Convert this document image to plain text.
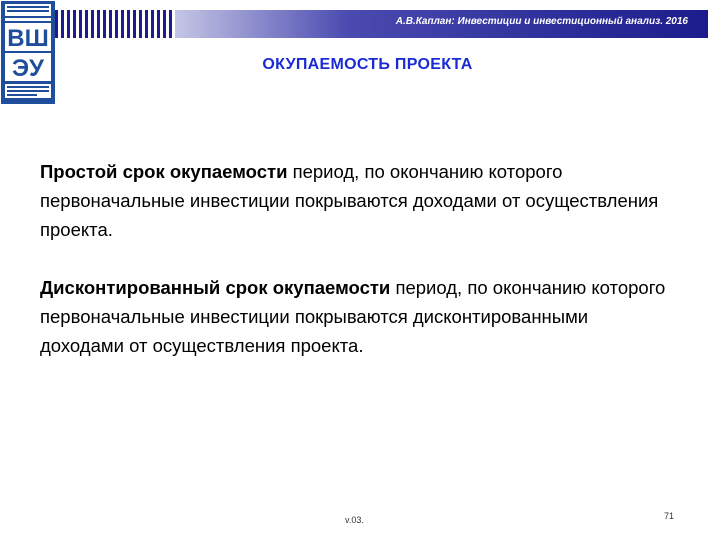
А.В.Каплан: Инвестиции и инвестиционный анализ. 2016
ВШ
ЭУ	ОКУПАЕМОСТЬ ПРОЕКТА

Простой срок окупаемости период, по окончанию которого первоначальные инвестиции покрываются доходами от осуществления проекта.

Дисконтированный срок окупаемости период, по окончанию которого первоначальные инвестиции покрываются дисконтированными доходами от осуществления проекта.

v.03.	71
